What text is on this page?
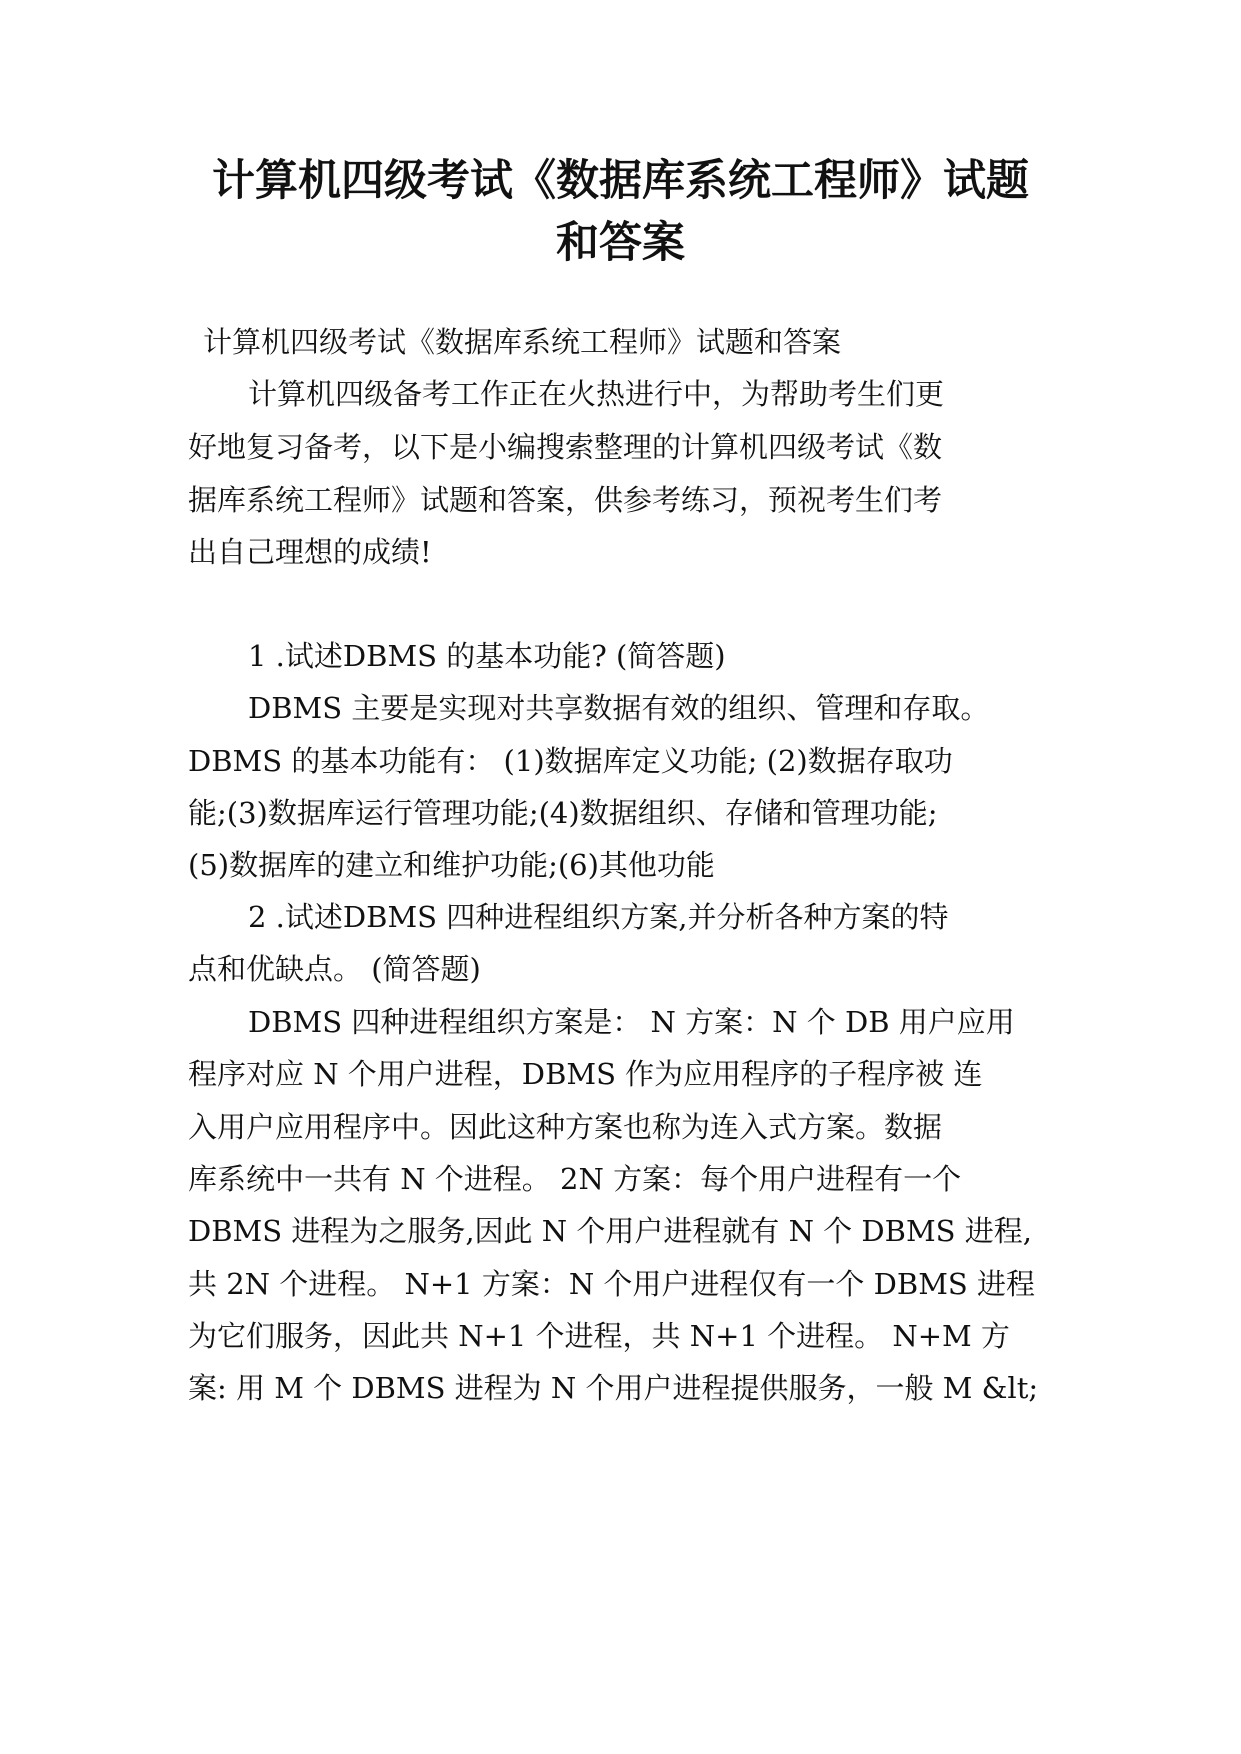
计算机四级考试《数据库系统工程师》试题
和答案
计算机四级考试《数据库系统工程师》试题和答案
计算机四级备考工作正在火热进行中，为帮助考生们更
好地复习备考，以下是小编搜索整理的计算机四级考试《数
据库系统工程师》试题和答案，供参考练习，预祝考生们考
出自己理想的成绩!
1 .试述DBMS 的基本功能? (简答题)
DBMS 主要是实现对共享数据有效的组织、管理和存取。
DBMS 的基本功能有： (1)数据库定义功能; (2)数据存取功
能;(3)数据库运行管理功能;(4)数据组织、存储和管理功能;
(5)数据库的建立和维护功能;(6)其他功能
2 .试述DBMS 四种进程组织方案,并分析各种方案的特
点和优缺点。 (简答题)
DBMS 四种进程组织方案是： N 方案：N 个 DB 用户应用
程序对应 N 个用户进程，DBMS 作为应用程序的子程序被 连
入用户应用程序中。因此这种方案也称为连入式方案。数据
库系统中一共有 N 个进程。 2N 方案：每个用户进程有一个
DBMS 进程为之服务,因此 N 个用户进程就有 N 个 DBMS 进程,
共 2N 个进程。 N+1 方案：N 个用户进程仅有一个 DBMS 进程
为它们服务，因此共 N+1 个进程，共 N+1 个进程。 N+M 方
案: 用 M 个 DBMS 进程为 N 个用户进程提供服务，一般 M &lt;
